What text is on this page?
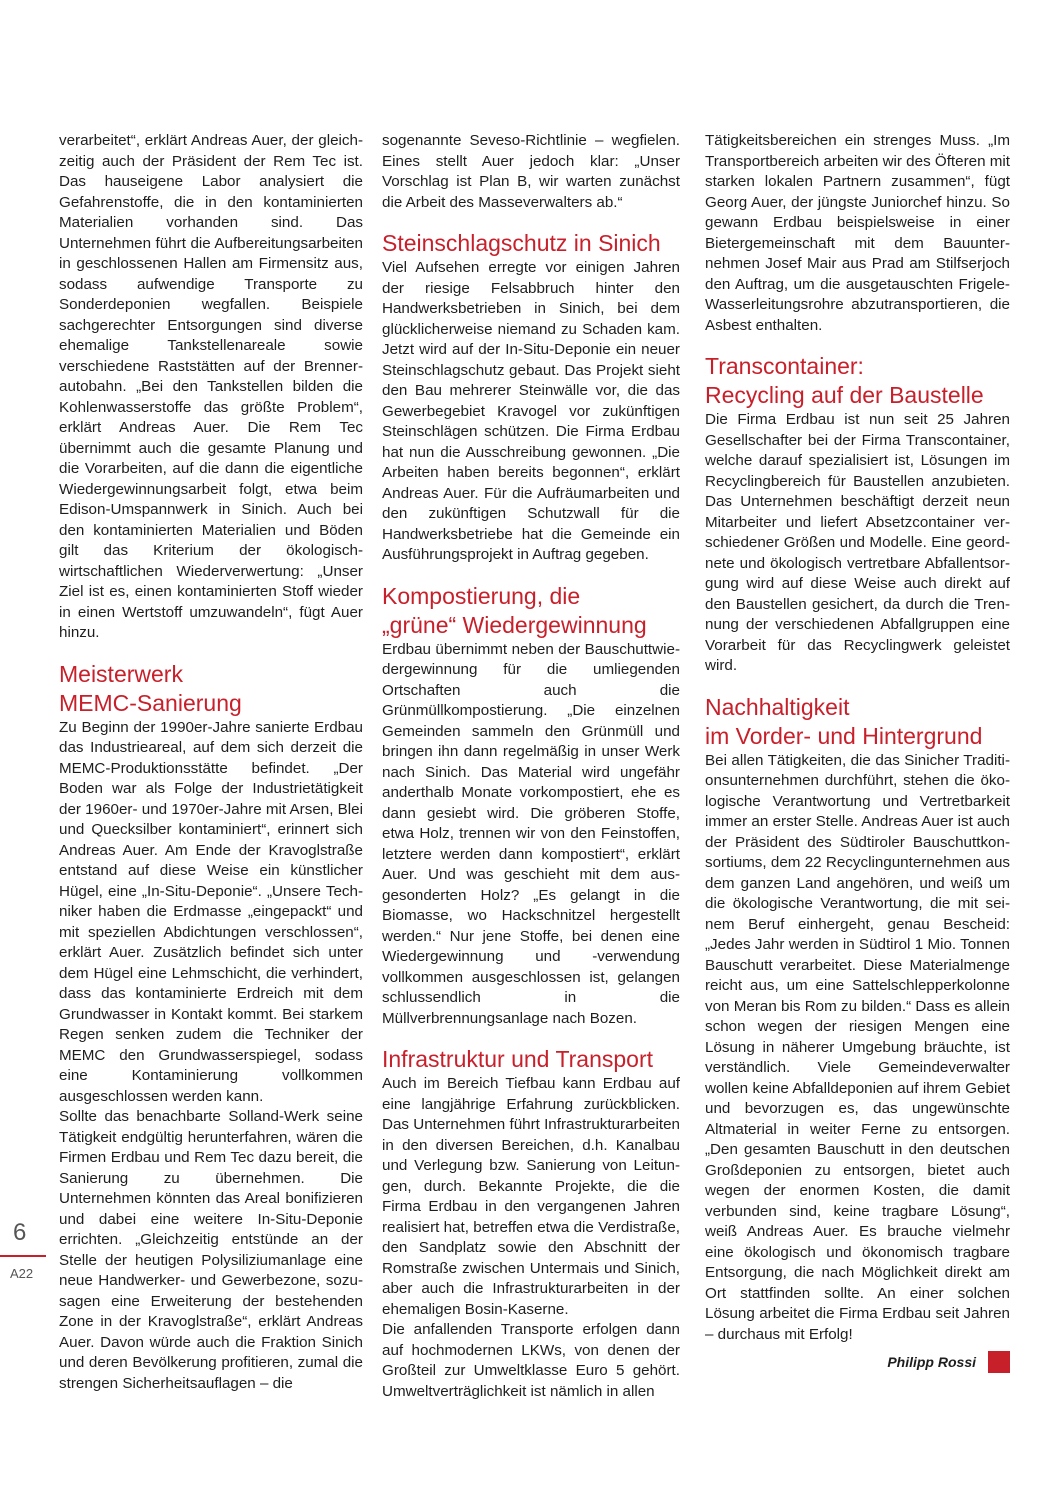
6
A22

verarbeitet“, erklärt Andreas Auer, der gleichzeitig auch der Präsident der Rem Tec ist. Das hauseigene Labor analysiert die Gefahrenstoffe, die in den kontaminierten Materialien vorhanden sind. Das Unternehmen führt die Aufbereitungsarbeiten in geschlossenen Hallen am Firmensitz aus, sodass aufwendige Transporte zu Sonderdeponien wegfallen. Beispiele sachgerechter Entsorgungen sind diverse ehemalige Tankstellenareale sowie verschiedene Raststätten auf der Brennerautobahn. „Bei den Tankstellen bilden die Kohlenwasserstoffe das größte Problem“, erklärt Andreas Auer. Die Rem Tec übernimmt auch die gesamte Planung und die Vorarbeiten, auf die dann die eigentliche Wiedergewinnungsarbeit folgt, etwa beim Edison-Umspannwerk in Sinich. Auch bei den kontaminierten Materialien und Böden gilt das Kriterium der ökologisch-wirtschaftlichen Wiederverwertung: „Unser Ziel ist es, einen kontaminierten Stoff wieder in einen Wertstoff umzuwandeln“, fügt Auer hinzu.

Meisterwerk
MEMC-Sanierung

Zu Beginn der 1990er-Jahre sanierte Erdbau das Industrieareal, auf dem sich derzeit die MEMC-Produktionsstätte befindet. „Der Boden war als Folge der Industrietätigkeit der 1960er- und 1970er-Jahre mit Arsen, Blei und Quecksilber kontaminiert“, erinnert sich Andreas Auer. Am Ende der Kravoglstraße entstand auf diese Weise ein künstlicher Hügel, eine „In-Situ-Deponie“. „Unsere Techniker haben die Erdmasse „eingepackt“ und mit speziellen Abdichtungen verschlossen“, erklärt Auer. Zusätzlich befindet sich unter dem Hügel eine Lehmschicht, die verhindert, dass das kontaminierte Erdreich mit dem Grundwasser in Kontakt kommt. Bei starkem Regen senken zudem die Techniker der MEMC den Grundwasserspiegel, sodass eine Kontaminierung vollkommen ausgeschlossen werden kann.

Sollte das benachbarte Solland-Werk seine Tätigkeit endgültig herunterfahren, wären die Firmen Erdbau und Rem Tec dazu bereit, die Sanierung zu übernehmen. Die Unternehmen könnten das Areal bonifizieren und dabei eine weitere In-Situ-Deponie errichten. „Gleichzeitig entstünde an der Stelle der heutigen Polysiliziumanlage eine neue Handwerker- und Gewerbezone, sozusagen eine Erweiterung der bestehenden Zone in der Kravoglstraße“, erklärt Andreas Auer. Davon würde auch die Fraktion Sinich und deren Bevölkerung profitieren, zumal die strengen Sicherheitsauflagen – die

sogenannte Seveso-Richtlinie – wegfielen. Eines stellt Auer jedoch klar: „Unser Vorschlag ist Plan B, wir warten zunächst die Arbeit des Masseverwalters ab.“

Steinschlagschutz in Sinich

Viel Aufsehen erregte vor einigen Jahren der riesige Felsabbruch hinter den Handwerksbetrieben in Sinich, bei dem glücklicherweise niemand zu Schaden kam. Jetzt wird auf der In-Situ-Deponie ein neuer Steinschlagschutz gebaut. Das Projekt sieht den Bau mehrerer Steinwälle vor, die das Gewerbegebiet Kravogel vor zukünftigen Steinschlägen schützen. Die Firma Erdbau hat nun die Ausschreibung gewonnen. „Die Arbeiten haben bereits begonnen“, erklärt Andreas Auer. Für die Aufräumarbeiten und den zukünftigen Schutzwall für die Handwerksbetriebe hat die Gemeinde ein Ausführungsprojekt in Auftrag gegeben.

Kompostierung, die
„grüne“ Wiedergewinnung

Erdbau übernimmt neben der Bauschuttwiedergewinnung für die umliegenden Ortschaften auch die Grünmüllkompostierung. „Die einzelnen Gemeinden sammeln den Grünmüll und bringen ihn dann regelmäßig in unser Werk nach Sinich. Das Material wird ungefähr anderthalb Monate vorkompostiert, ehe es dann gesiebt wird. Die gröberen Stoffe, etwa Holz, trennen wir von den Feinstoffen, letztere werden dann kompostiert“, erklärt Auer. Und was geschieht mit dem ausgesonderten Holz? „Es gelangt in die Biomasse, wo Hackschnitzel hergestellt werden.“ Nur jene Stoffe, bei denen eine Wiedergewinnung und -verwendung vollkommen ausgeschlossen ist, gelangen schlussendlich in die Müllverbrennungsanlage nach Bozen.

Infrastruktur und Transport

Auch im Bereich Tiefbau kann Erdbau auf eine langjährige Erfahrung zurückblicken. Das Unternehmen führt Infrastrukturarbeiten in den diversen Bereichen, d.h. Kanalbau und Verlegung bzw. Sanierung von Leitungen, durch. Bekannte Projekte, die die Firma Erdbau in den vergangenen Jahren realisiert hat, betreffen etwa die Verdistraße, den Sandplatz sowie den Abschnitt der Romstraße zwischen Untermais und Sinich, aber auch die Infrastrukturarbeiten in der ehemaligen Bosin-Kaserne.

Die anfallenden Transporte erfolgen dann auf hochmodernen LKWs, von denen der Großteil zur Umweltklasse Euro 5 gehört. Umweltverträglichkeit ist nämlich in allen

Tätigkeitsbereichen ein strenges Muss. „Im Transportbereich arbeiten wir des Öfteren mit starken lokalen Partnern zusammen“, fügt Georg Auer, der jüngste Juniorchef hinzu. So gewann Erdbau beispielsweise in einer Bietergemeinschaft mit dem Bauunternehmen Josef Mair aus Prad am Stilfserjoch den Auftrag, um die ausgetauschten Frigele-Wasserleitungsrohre abzutransportieren, die Asbest enthalten.

Transcontainer:
Recycling auf der Baustelle

Die Firma Erdbau ist nun seit 25 Jahren Gesellschafter bei der Firma Transcontainer, welche darauf spezialisiert ist, Lösungen im Recyclingbereich für Baustellen anzubieten. Das Unternehmen beschäftigt derzeit neun Mitarbeiter und liefert Absetzcontainer verschiedener Größen und Modelle. Eine geordnete und ökologisch vertretbare Abfallentsorgung wird auf diese Weise auch direkt auf den Baustellen gesichert, da durch die Trennung der verschiedenen Abfallgruppen eine Vorarbeit für das Recyclingwerk geleistet wird.

Nachhaltigkeit
im Vorder- und Hintergrund

Bei allen Tätigkeiten, die das Sinicher Traditionsunternehmen durchführt, stehen die ökologische Verantwortung und Vertretbarkeit immer an erster Stelle. Andreas Auer ist auch der Präsident des Südtiroler Bauschuttkonsortiums, dem 22 Recyclingunternehmen aus dem ganzen Land angehören, und weiß um die ökologische Verantwortung, die mit seinem Beruf einhergeht, genau Bescheid: „Jedes Jahr werden in Südtirol 1 Mio. Tonnen Bauschutt verarbeitet. Diese Materialmenge reicht aus, um eine Sattelschlepperkolonne von Meran bis Rom zu bilden.“ Dass es allein schon wegen der riesigen Mengen eine Lösung in näherer Umgebung bräuchte, ist verständlich. Viele Gemeindeverwalter wollen keine Abfalldeponien auf ihrem Gebiet und bevorzugen es, das ungewünschte Altmaterial in weiter Ferne zu entsorgen. „Den gesamten Bauschutt in den deutschen Großdeponien zu entsorgen, bietet auch wegen der enormen Kosten, die damit verbunden sind, keine tragbare Lösung“, weiß Andreas Auer. Es brauche vielmehr eine ökologisch und ökonomisch tragbare Entsorgung, die nach Möglichkeit direkt am Ort stattfinden sollte. An einer solchen Lösung arbeitet die Firma Erdbau seit Jahren – durchaus mit Erfolg!

Philipp Rossi
